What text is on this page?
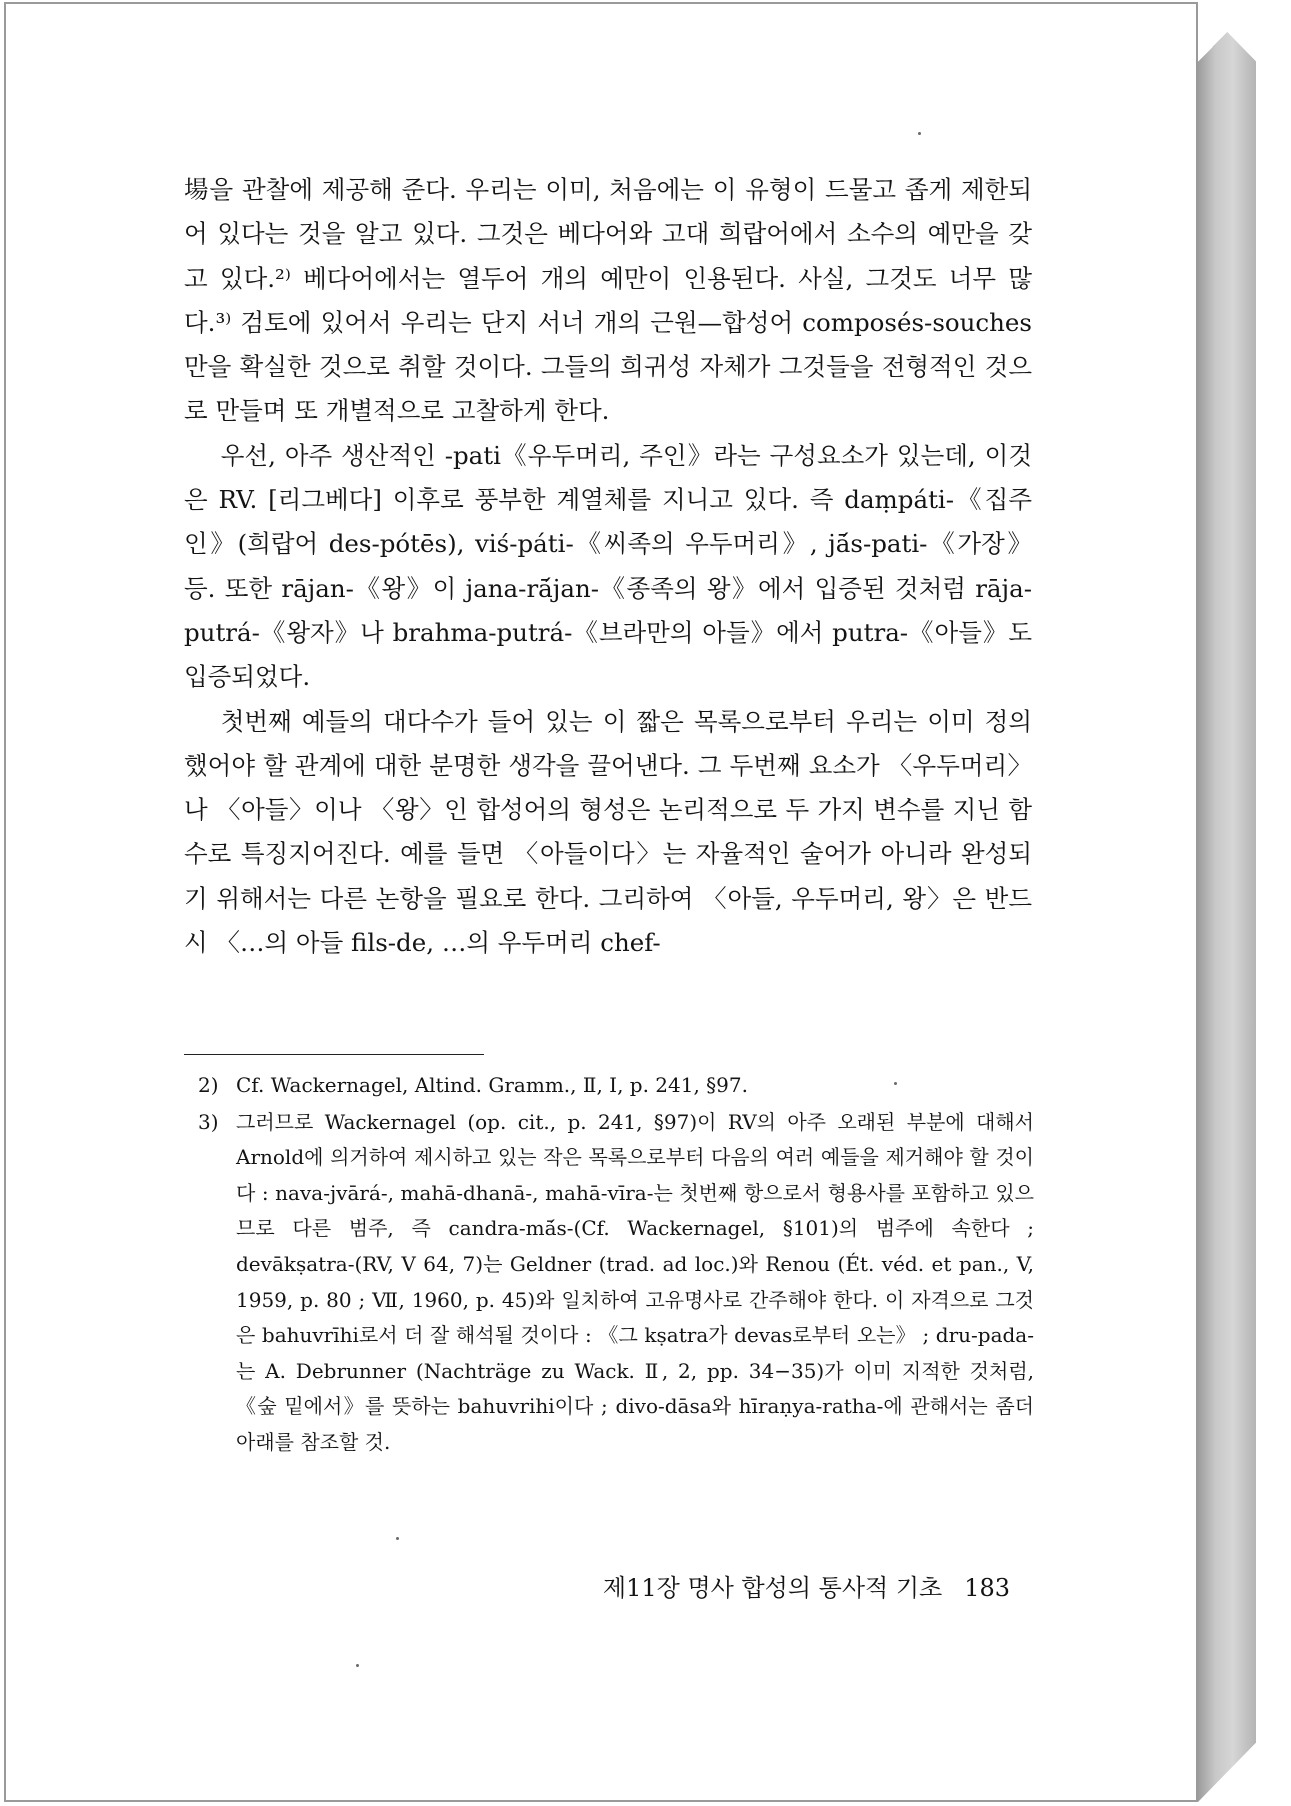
場을 관찰에 제공해 준다. 우리는 이미, 처음에는 이 유형이 드물고 좁게 제한되어 있다는 것을 알고 있다. 그것은 베다어와 고대 희랍어에서 소수의 예만을 갖고 있다.²⁾ 베다어에서는 열두어 개의 예만이 인용된다. 사실, 그것도 너무 많다.³⁾ 검토에 있어서 우리는 단지 서너 개의 근원—합성어 composés-souches만을 확실한 것으로 취할 것이다. 그들의 희귀성 자체가 그것들을 전형적인 것으로 만들며 또 개별적으로 고찰하게 한다.

우선, 아주 생산적인 -pati《우두머리, 주인》라는 구성요소가 있는데, 이것은 RV. [리그베다] 이후로 풍부한 계열체를 지니고 있다. 즉 daṃpáti-《집주인》(희랍어 des-pótēs), viś-páti-《씨족의 우두머리》, jā́s-pati-《가장》 등. 또한 rājan-《왕》이 jana-rā́jan-《종족의 왕》에서 입증된 것처럼 rāja-putrá-《왕자》나 brahma-putrá-《브라만의 아들》에서 putra-《아들》도 입증되었다.

첫번째 예들의 대다수가 들어 있는 이 짧은 목록으로부터 우리는 이미 정의했어야 할 관계에 대한 분명한 생각을 끌어낸다. 그 두번째 요소가 〈우두머리〉나 〈아들〉이나 〈왕〉인 합성어의 형성은 논리적으로 두 가지 변수를 지닌 함수로 특징지어진다. 예를 들면 〈아들이다〉는 자율적인 술어가 아니라 완성되기 위해서는 다른 논항을 필요로 한다. 그리하여 〈아들, 우두머리, 왕〉은 반드시 〈…의 아들 fils-de, …의 우두머리 chef-

2) Cf. Wackernagel, Altind. Gramm., Ⅱ, Ⅰ, p. 241, §97.
3) 그러므로 Wackernagel (op. cit., p. 241, §97)이 RV의 아주 오래된 부분에 대해서 Arnold에 의거하여 제시하고 있는 작은 목록으로부터 다음의 여러 예들을 제거해야 할 것이다 : nava-jvārá-, mahā-dhanā-, mahā-vīra-는 첫번째 항으로서 형용사를 포함하고 있으므로 다른 범주, 즉 candra-mā́s-(Cf. Wackernagel, §101)의 범주에 속한다 ; devākṣatra-(RV, V 64, 7)는 Geldner (trad. ad loc.)와 Renou (Ét. véd. et pan., V, 1959, p. 80 ; Ⅶ, 1960, p. 45)와 일치하여 고유명사로 간주해야 한다. 이 자격으로 그것은 bahuvrīhi로서 더 잘 해석될 것이다 : 《그 kṣatra가 devas로부터 오는》 ; dru-pada-는 A. Debrunner (Nachträge zu Wack. Ⅱ, 2, pp. 34−35)가 이미 지적한 것처럼, 《숲 밑에서》를 뜻하는 bahuvrihi이다 ; divo-dāsa와 hīraṇya-ratha-에 관해서는 좀더 아래를 참조할 것.
제11장 명사 합성의 통사적 기초 183
